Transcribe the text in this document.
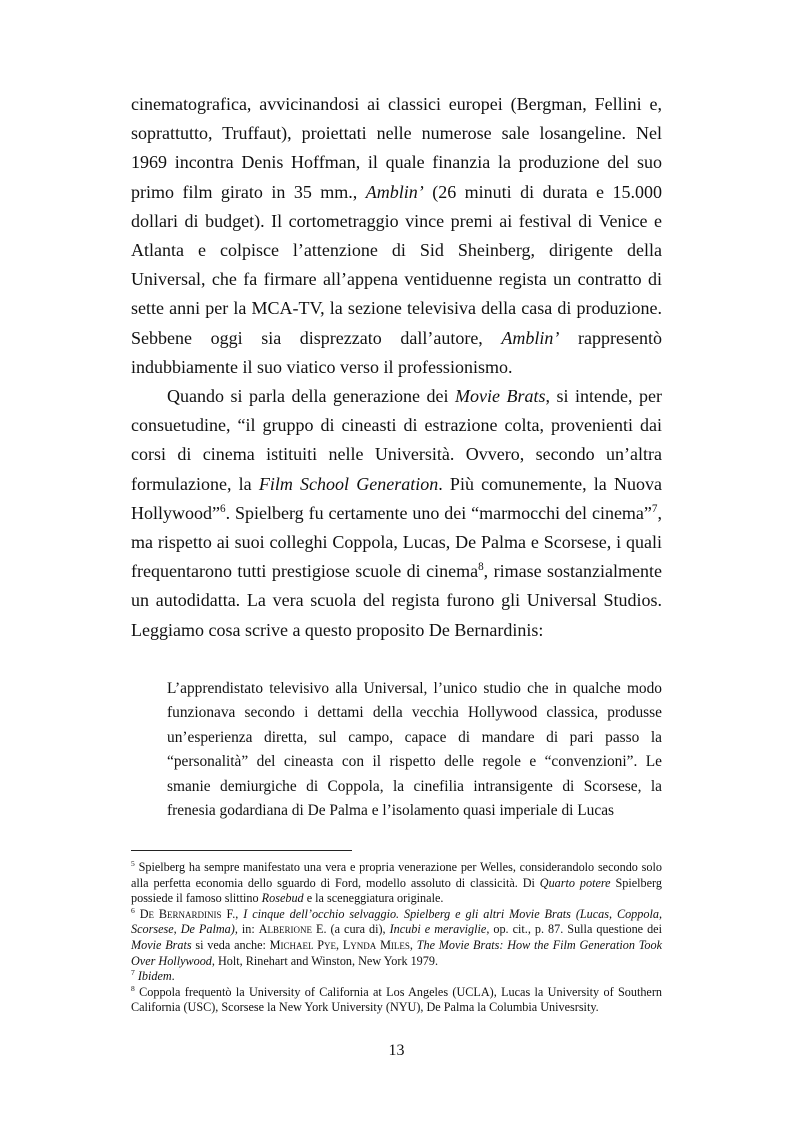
cinematografica, avvicinandosi ai classici europei (Bergman, Fellini e, soprattutto, Truffaut), proiettati nelle numerose sale losangeline. Nel 1969 incontra Denis Hoffman, il quale finanzia la produzione del suo primo film girato in 35 mm., Amblin’ (26 minuti di durata e 15.000 dollari di budget). Il cortometraggio vince premi ai festival di Venice e Atlanta e colpisce l’attenzione di Sid Sheinberg, dirigente della Universal, che fa firmare all’appena ventiduenne regista un contratto di sette anni per la MCA-TV, la sezione televisiva della casa di produzione. Sebbene oggi sia disprezzato dall’autore, Amblin’ rappresentò indubbiamente il suo viatico verso il professionismo.

Quando si parla della generazione dei Movie Brats, si intende, per consuetudine, “il gruppo di cineasti di estrazione colta, provenienti dai corsi di cinema istituiti nelle Università. Ovvero, secondo un’altra formulazione, la Film School Generation. Più comunemente, la Nuova Hollywood”$^6$. Spielberg fu certamente uno dei “marmocchi del cinema”$^7$, ma rispetto ai suoi colleghi Coppola, Lucas, De Palma e Scorsese, i quali frequentarono tutti prestigiose scuole di cinema$^8$, rimase sostanzialmente un autodidatta. La vera scuola del regista furono gli Universal Studios. Leggiamo cosa scrive a questo proposito De Bernardinis:

L’apprendistato televisivo alla Universal, l’unico studio che in qualche modo funzionava secondo i dettami della vecchia Hollywood classica, produsse un’esperienza diretta, sul campo, capace di mandare di pari passo la “personalità” del cineasta con il rispetto delle regole e “convenzioni”. Le smanie demiurgiche di Coppola, la cinefilia intransigente di Scorsese, la frenesia godardiana di De Palma e l’isolamento quasi imperiale di Lucas

$^5$ Spielberg ha sempre manifestato una vera e propria venerazione per Welles, considerandolo secondo solo alla perfetta economia dello sguardo di Ford, modello assoluto di classicità. Di Quarto potere Spielberg possiede il famoso slittino Rosebud e la sceneggiatura originale.

$^6$ De Bernardinis F., I cinque dell’occhio selvaggio. Spielberg e gli altri Movie Brats (Lucas, Coppola, Scorsese, De Palma), in: Alberione E. (a cura di), Incubi e meraviglie, op. cit., p. 87. Sulla questione dei Movie Brats si veda anche: Michael Pye, Lynda Miles, The Movie Brats: How the Film Generation Took Over Hollywood, Holt, Rinehart and Winston, New York 1979.

$^7$ Ibidem.

$^8$ Coppola frequentò la University of California at Los Angeles (UCLA), Lucas la University of Southern California (USC), Scorsese la New York University (NYU), De Palma la Columbia Univesrsity.

13
